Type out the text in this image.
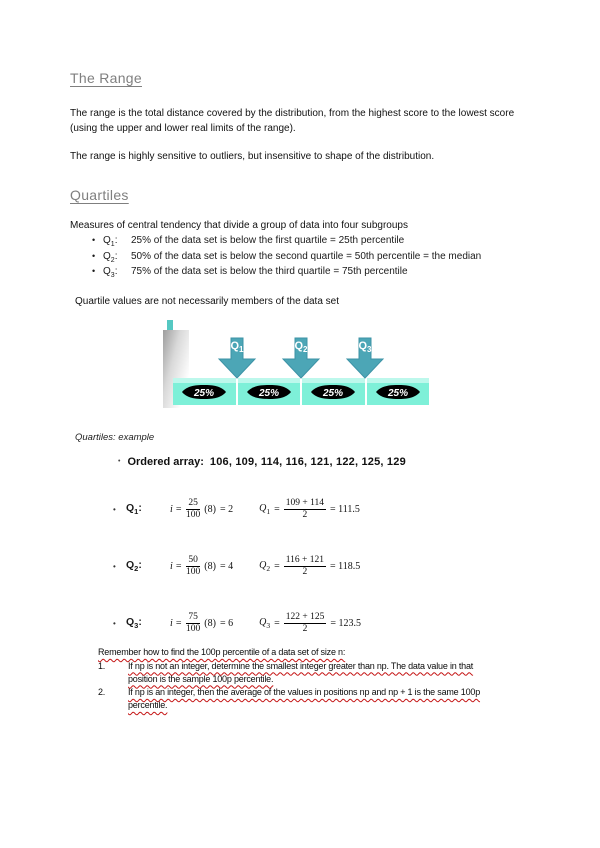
The Range
The range is the total distance covered by the distribution, from the highest score to the lowest score (using the upper and lower real limits of the range).
The range is highly sensitive to outliers, but insensitive to shape of the distribution.
Quartiles
Measures of central tendency that divide a group of data into four subgroups
• $Q_1$:	25% of the data set is below the first quartile = 25th percentile
• $Q_2$:	50% of the data set is below the second quartile = 50th percentile = the median
• $Q_3$:	75% of the data set is below the third quartile = 75th percentile
Quartile values are not necessarily members of the data set
25%	25%	25%	25%
$Q_1$	$Q_2$	$Q_3$
Quartiles: example
• Ordered array: 106, 109, 114, 116, 121, 122, 125, 129
• $Q_1$:	$i = \frac{25}{100} (8) = 2$	$Q_1 = \frac{109 + 114}{2} = 111.5$
• $Q_2$:	$i = \frac{50}{100} (8) = 4$	$Q_2 = \frac{116 + 121}{2} = 118.5$
• $Q_3$:	$i = \frac{75}{100} (8) = 6$	$Q_3 = \frac{122 + 125}{2} = 123.5$
Remember how to find the 100p percentile of a data set of size n:
1.	If np is not an integer, determine the smallest integer greater than np. The data value in that position is the sample 100p percentile.
2.	If np is an integer, then the average of the values in positions np and np + 1 is the same 100p percentile.
